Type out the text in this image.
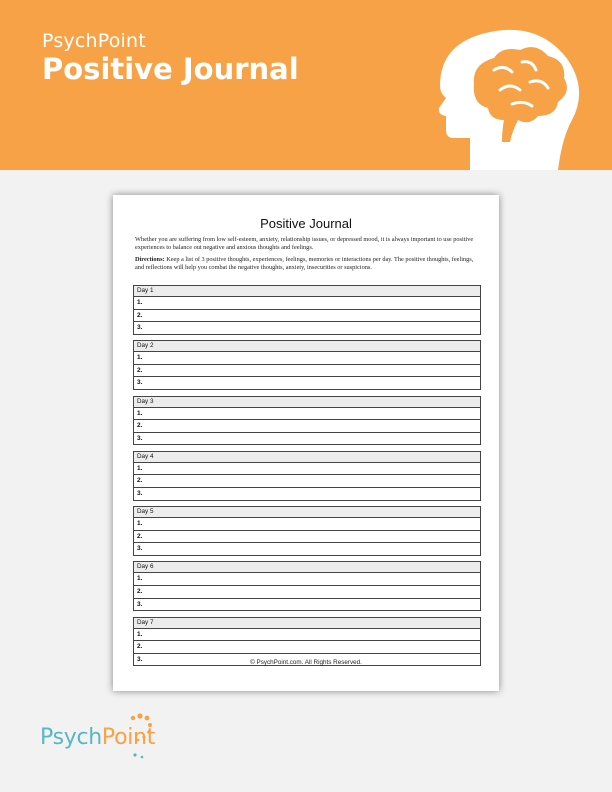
PsychPoint
Positive Journal
Positive Journal
Whether you are suffering from low self-esteem, anxiety, relationship issues, or depressed mood, it is always important to use positive experiences to balance out negative and anxious thoughts and feelings.
Directions: Keep a list of 3 positive thoughts, experiences, feelings, memories or interactions per day. The positive thoughts, feelings, and reflections will help you combat the negative thoughts, anxiety, insecurities or suspicions.
Day 1
1.
2.
3.
Day 2
1.
2.
3.
Day 3
1.
2.
3.
Day 4
1.
2.
3.
Day 5
1.
2.
3.
Day 6
1.
2.
3.
Day 7
1.
2.
3.	© PsychPoint.com. All Rights Reserved.
PsychPoint
